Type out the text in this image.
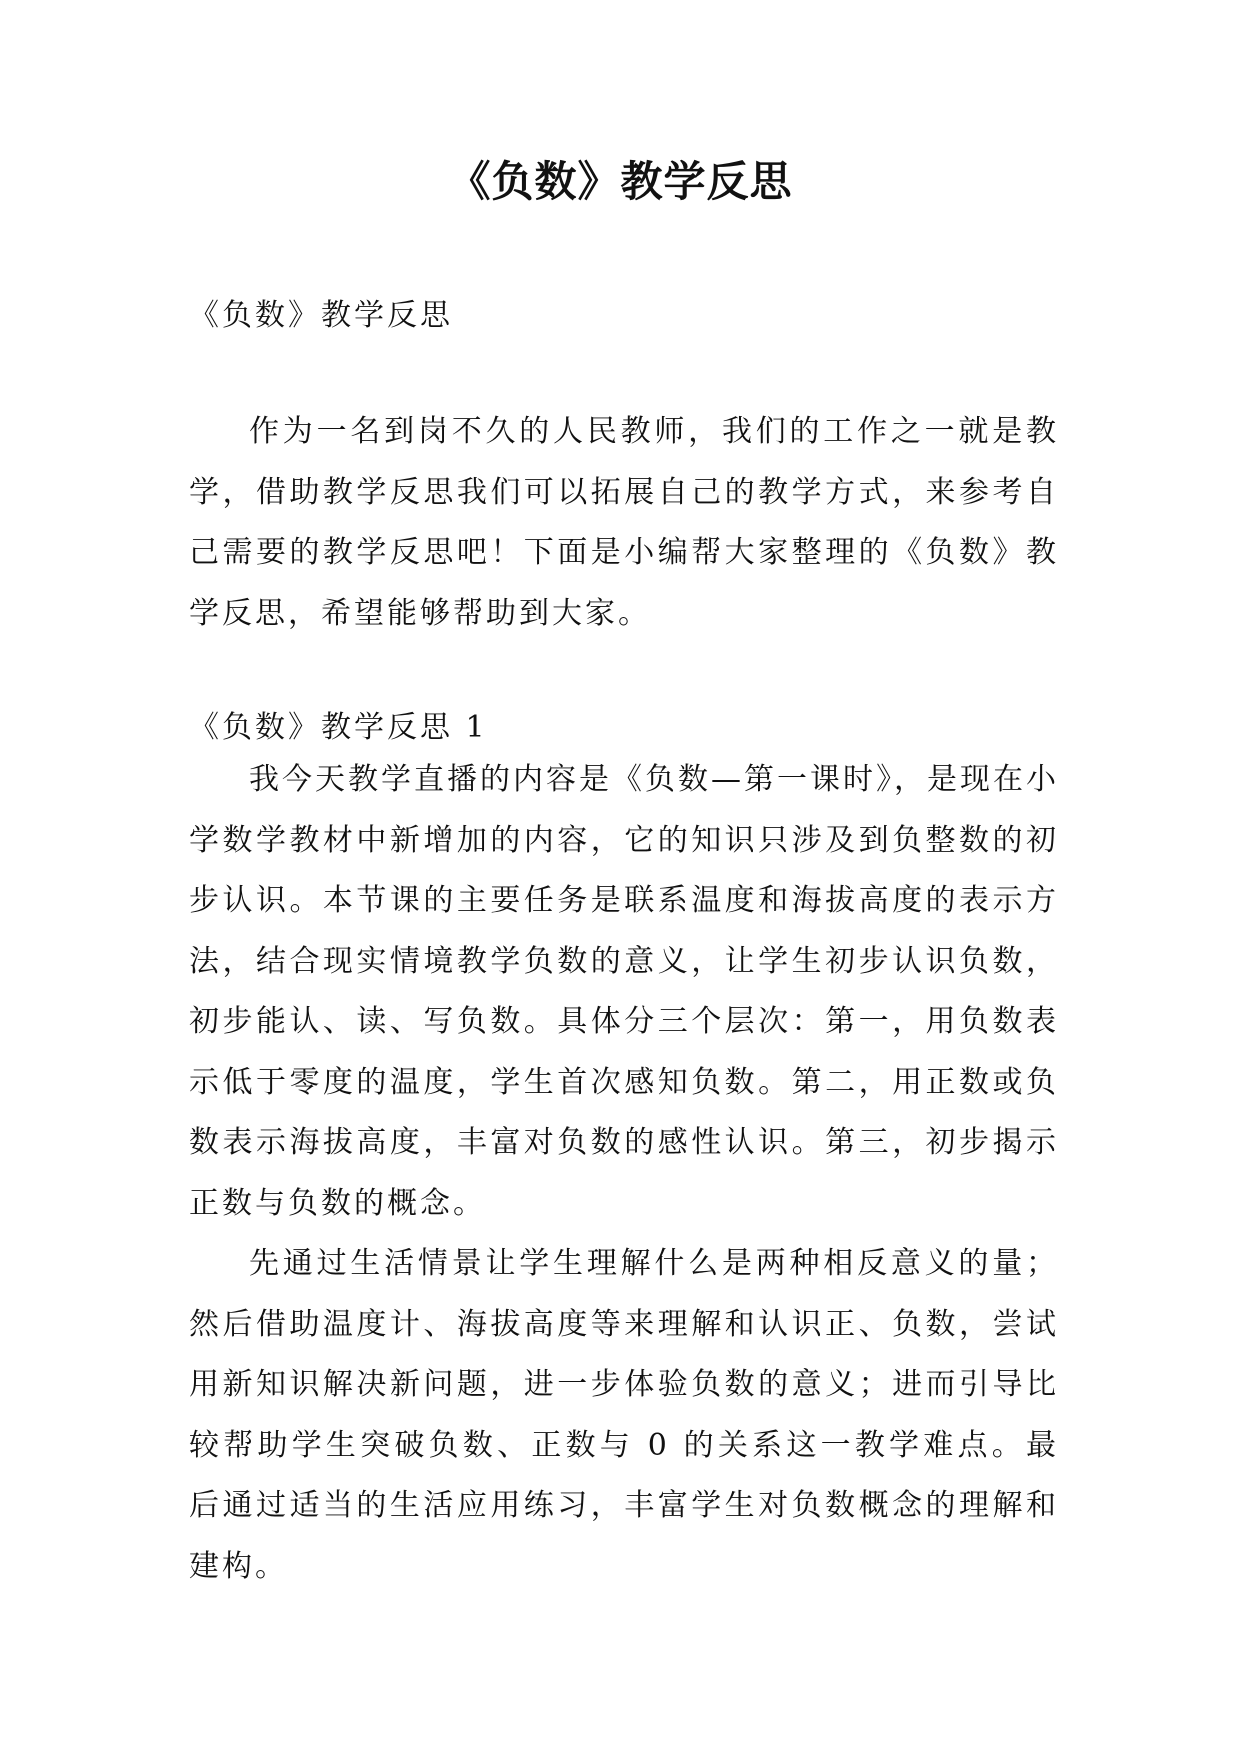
《负数》教学反思

《负数》教学反思

作为一名到岗不久的人民教师，我们的工作之一就是教学，借助教学反思我们可以拓展自己的教学方式，来参考自己需要的教学反思吧！下面是小编帮大家整理的《负数》教学反思，希望能够帮助到大家。

《负数》教学反思 1

我今天教学直播的内容是《负数—第一课时》，是现在小学数学教材中新增加的内容，它的知识只涉及到负整数的初步认识。本节课的主要任务是联系温度和海拔高度的表示方法，结合现实情境教学负数的意义，让学生初步认识负数，初步能认、读、写负数。具体分三个层次：第一，用负数表示低于零度的温度，学生首次感知负数。第二，用正数或负数表示海拔高度，丰富对负数的感性认识。第三，初步揭示正数与负数的概念。

先通过生活情景让学生理解什么是两种相反意义的量；然后借助温度计、海拔高度等来理解和认识正、负数，尝试用新知识解决新问题，进一步体验负数的意义；进而引导比较帮助学生突破负数、正数与 0 的关系这一教学难点。最后通过适当的生活应用练习，丰富学生对负数概念的理解和建构。
